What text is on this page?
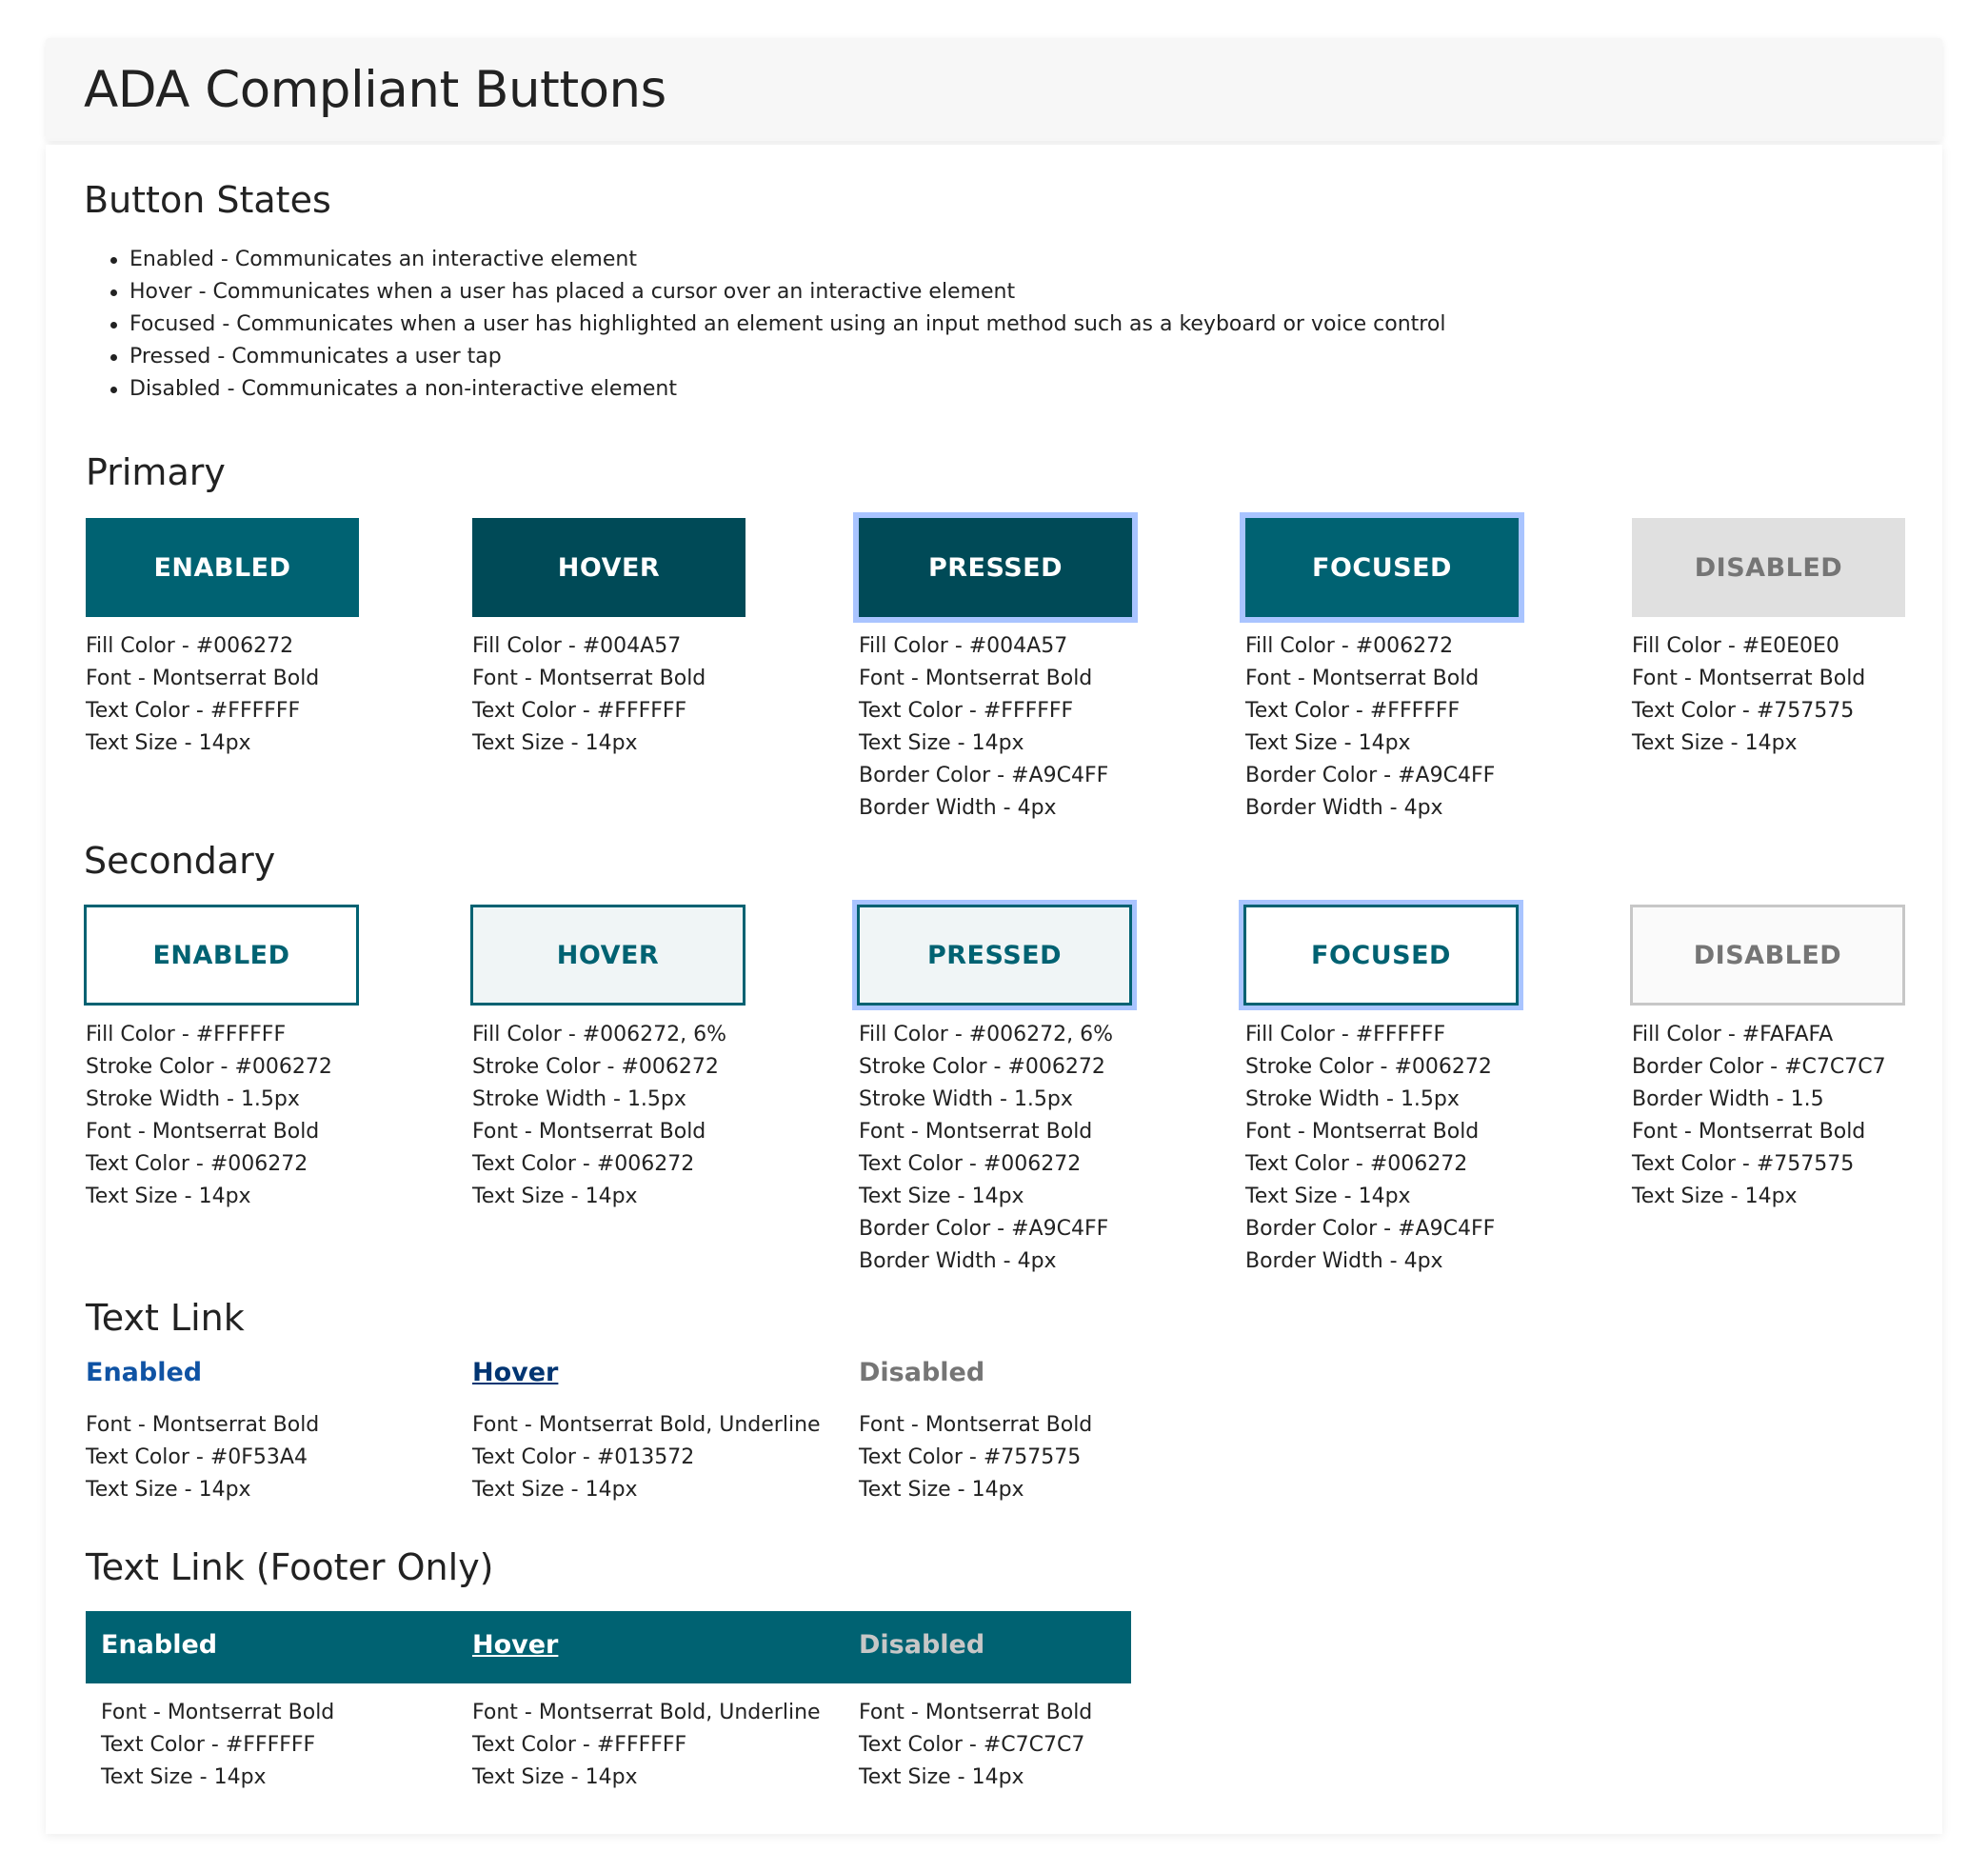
ADA Compliant Buttons
Button States
Enabled - Communicates an interactive element
Hover - Communicates when a user has placed a cursor over an interactive element
Focused - Communicates when a user has highlighted an element using an input method such as a keyboard or voice control
Pressed - Communicates a user tap
Disabled - Communicates a non-interactive element
Primary
Secondary
Text Link
Text Link (Footer Only)
ENABLED
Fill Color - #006272
Font - Montserrat Bold
Text Color - #FFFFFF
Text Size - 14px
HOVER
Fill Color - #004A57
Font - Montserrat Bold
Text Color - #FFFFFF
Text Size - 14px
PRESSED
Fill Color - #004A57
Font - Montserrat Bold
Text Color - #FFFFFF
Text Size - 14px
Border Color - #A9C4FF
Border Width - 4px
FOCUSED
Fill Color - #006272
Font - Montserrat Bold
Text Color - #FFFFFF
Text Size - 14px
Border Color - #A9C4FF
Border Width - 4px
DISABLED
Fill Color - #E0E0E0
Font - Montserrat Bold
Text Color - #757575
Text Size - 14px
ENABLED
Fill Color - #FFFFFF
Stroke Color - #006272
Stroke Width - 1.5px
Font - Montserrat Bold
Text Color - #006272
Text Size - 14px
HOVER
Fill Color - #006272, 6%
Stroke Color - #006272
Stroke Width - 1.5px
Font - Montserrat Bold
Text Color - #006272
Text Size - 14px
PRESSED
Fill Color - #006272, 6%
Stroke Color - #006272
Stroke Width - 1.5px
Font - Montserrat Bold
Text Color - #006272
Text Size - 14px
Border Color - #A9C4FF
Border Width - 4px
FOCUSED
Fill Color - #FFFFFF
Stroke Color - #006272
Stroke Width - 1.5px
Font - Montserrat Bold
Text Color - #006272
Text Size - 14px
Border Color - #A9C4FF
Border Width - 4px
DISABLED
Fill Color - #FAFAFA
Border Color - #C7C7C7
Border Width - 1.5
Font - Montserrat Bold
Text Color - #757575
Text Size - 14px
Enabled
Font - Montserrat Bold
Text Color - #0F53A4
Text Size - 14px
Hover
Font - Montserrat Bold, Underline
Text Color - #013572
Text Size - 14px
Disabled
Font - Montserrat Bold
Text Color - #757575
Text Size - 14px
Enabled
Font - Montserrat Bold
Text Color - #FFFFFF
Text Size - 14px
Hover
Font - Montserrat Bold, Underline
Text Color - #FFFFFF
Text Size - 14px
Disabled
Font - Montserrat Bold
Text Color - #C7C7C7
Text Size - 14px
